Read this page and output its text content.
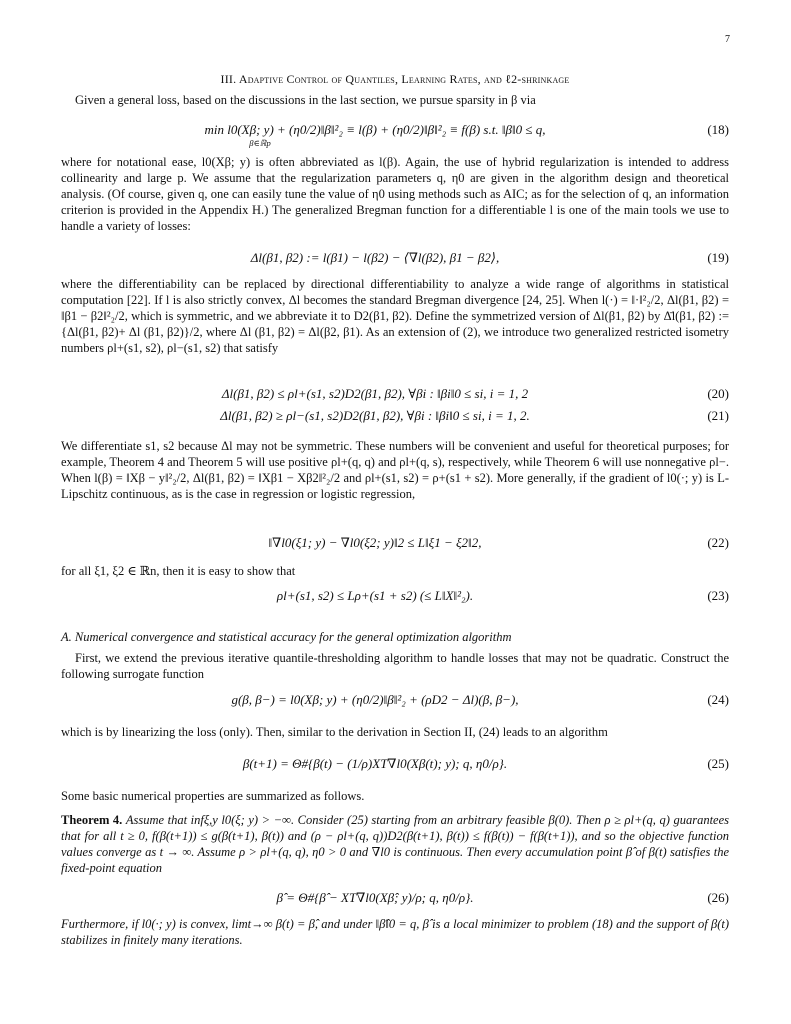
7
III. Adaptive Control of Quantiles, Learning Rates, and ℓ2-shrinkage

Given a general loss, based on the discussions in the last section, we pursue sparsity in β via

min l0(Xβ; y) + (η0/2)‖β‖²₂ ≡ l(β) + (η0/2)‖β‖²₂ ≡ f(β) s.t. ‖β‖0 ≤ q,
β∈ℝp
(18)

where for notational ease, l0(Xβ; y) is often abbreviated as l(β). Again, the use of hybrid regularization is intended to address collinearity and large p. We assume that the regularization parameters q, η0 are given in the algorithm design and theoretical analysis. (Of course, given q, one can easily tune the value of η0 using methods such as AIC; as for the selection of q, an information criterion is provided in the Appendix H.) The generalized Bregman function for a differentiable l is one of the main tools we use to handle a variety of losses:

Δl(β1, β2) := l(β1) − l(β2) − ⟨∇l(β2), β1 − β2⟩,	(19)

where the differentiability can be replaced by directional differentiability to analyze a wide range of algorithms in statistical computation [22]. If l is also strictly convex, Δl becomes the standard Bregman divergence [24, 25]. When l(·) = ‖·‖²₂/2, Δl(β1, β2) = ‖β1 − β2‖²₂/2, which is symmetric, and we abbreviate it to D2(β1, β2). Define the symmetrized version of Δl(β1, β2) by Δ̄l(β1, β2) := {Δl(β1, β2)+ Δl (β1, β2)}/2, where Δl (β1, β2) = Δl(β2, β1). As an extension of (2), we introduce two generalized restricted isometry numbers ρl+(s1, s2), ρl−(s1, s2) that satisfy

Δl(β1, β2) ≤ ρl+(s1, s2)D2(β1, β2), ∀βi : ‖βi‖0 ≤ si, i = 1, 2	(20)
Δl(β1, β2) ≥ ρl−(s1, s2)D2(β1, β2), ∀βi : ‖βi‖0 ≤ si, i = 1, 2.	(21)

We differentiate s1, s2 because Δl may not be symmetric. These numbers will be convenient and useful for theoretical purposes; for example, Theorem 4 and Theorem 5 will use positive ρl+(q, q) and ρl+(q, s), respectively, while Theorem 6 will use nonnegative ρl−. When l(β) = ‖Xβ − y‖²₂/2, Δl(β1, β2) = ‖Xβ1 − Xβ2‖²₂/2 and ρl+(s1, s2) = ρ+(s1 + s2). More generally, if the gradient of l0(·; y) is L-Lipschitz continuous, as is the case in regression or logistic regression,

‖∇l0(ξ1; y) − ∇l0(ξ2; y)‖2 ≤ L‖ξ1 − ξ2‖2,	(22)

for all ξ1, ξ2 ∈ ℝn, then it is easy to show that

ρl+(s1, s2) ≤ Lρ+(s1 + s2) (≤ L‖X‖²₂).	(23)

A. Numerical convergence and statistical accuracy for the general optimization algorithm

First, we extend the previous iterative quantile-thresholding algorithm to handle losses that may not be quadratic. Construct the following surrogate function

g(β, β−) = l0(Xβ; y) + (η0/2)‖β‖²₂ + (ρD2 − Δl)(β, β−),	(24)

which is by linearizing the loss (only). Then, similar to the derivation in Section II, (24) leads to an algorithm

β(t+1) = Θ#{β(t) − (1/ρ)XT∇l0(Xβ(t); y); q, η0/ρ}.	(25)

Some basic numerical properties are summarized as follows.

Theorem 4. Assume that infξ,y l0(ξ; y) > −∞. Consider (25) starting from an arbitrary feasible β(0). Then ρ ≥ ρl+(q, q) guarantees that for all t ≥ 0, f(β(t+1)) ≤ g(β(t+1), β(t)) and (ρ − ρl+(q, q))D2(β(t+1), β(t)) ≤ f(β(t)) − f(β(t+1)), and so the objective function values converge as t → ∞. Assume ρ > ρl+(q, q), η0 > 0 and ∇l0 is continuous. Then every accumulation point β̂ of β(t) satisfies the fixed-point equation

β̂ = Θ#{β̂ − XT∇l0(Xβ̂; y)/ρ; q, η0/ρ}.	(26)

Furthermore, if l0(·; y) is convex, limt→∞ β(t) = β̂, and under ‖β̂‖0 = q, β̂ is a local minimizer to problem (18) and the support of β(t) stabilizes in finitely many iterations.
